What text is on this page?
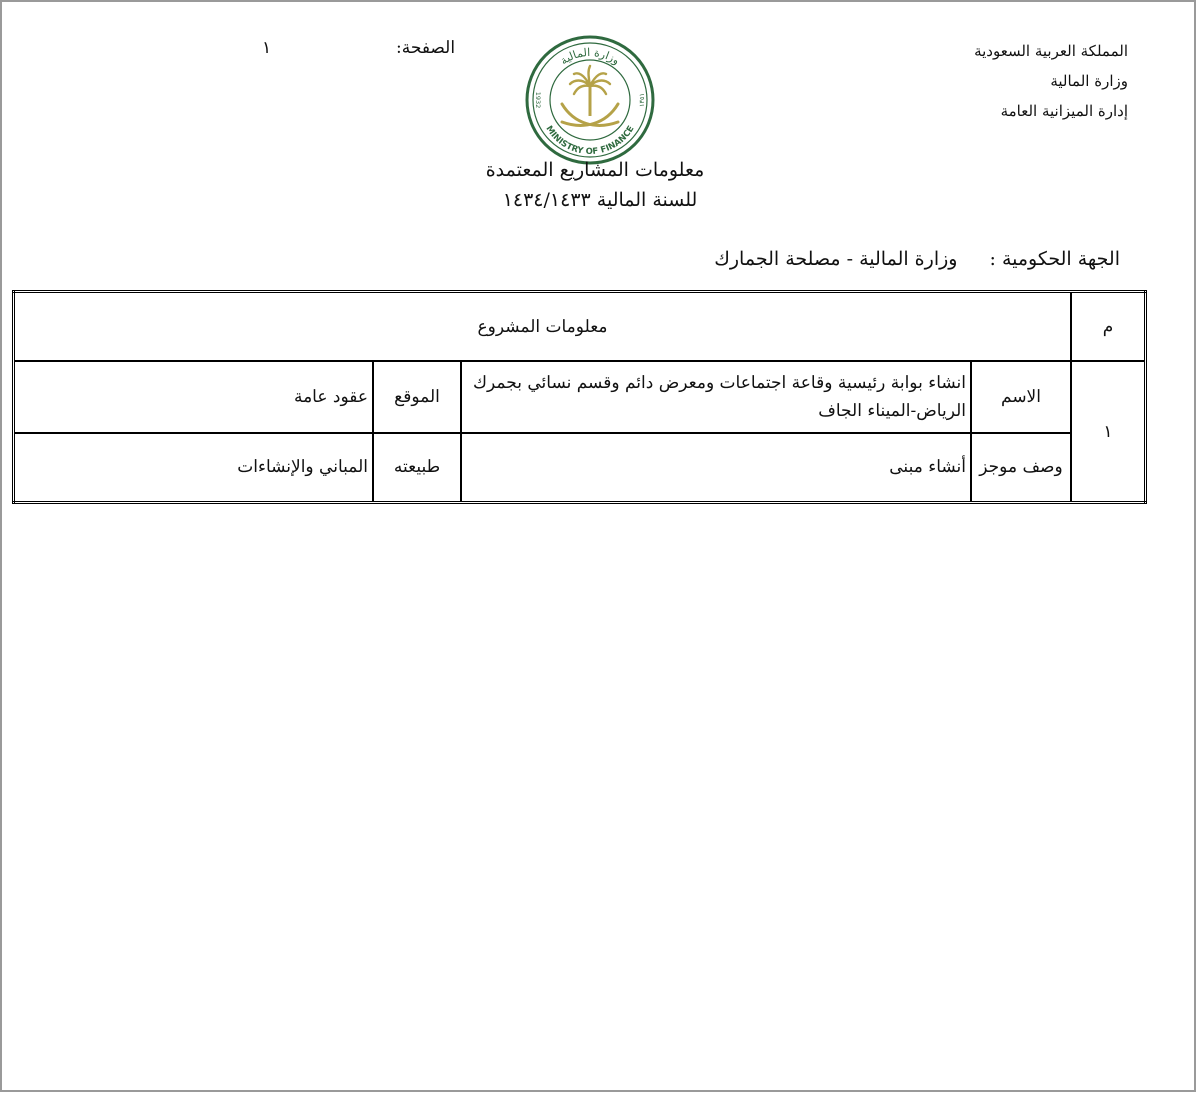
المملكة العربية السعودية
وزارة المالية
إدارة الميزانية العامة
الصفحة:
١
وزارة المالية
MINISTRY OF FINANCE
1932	١٣٥١
معلومات المشاريع المعتمدة
للسنة المالية ١٤٣٤/١٤٣٣
الجهة الحكومية : وزارة المالية - مصلحة الجمارك
م	معلومات المشروع			
١	الاسم	انشاء بوابة رئيسية وقاعة اجتماعات ومعرض دائم وقسم نسائي بجمرك الرياض-الميناء الجاف	الموقع	عقود عامة
	وصف موجز	أنشاء مبنى	طبيعته	المباني والإنشاءات
